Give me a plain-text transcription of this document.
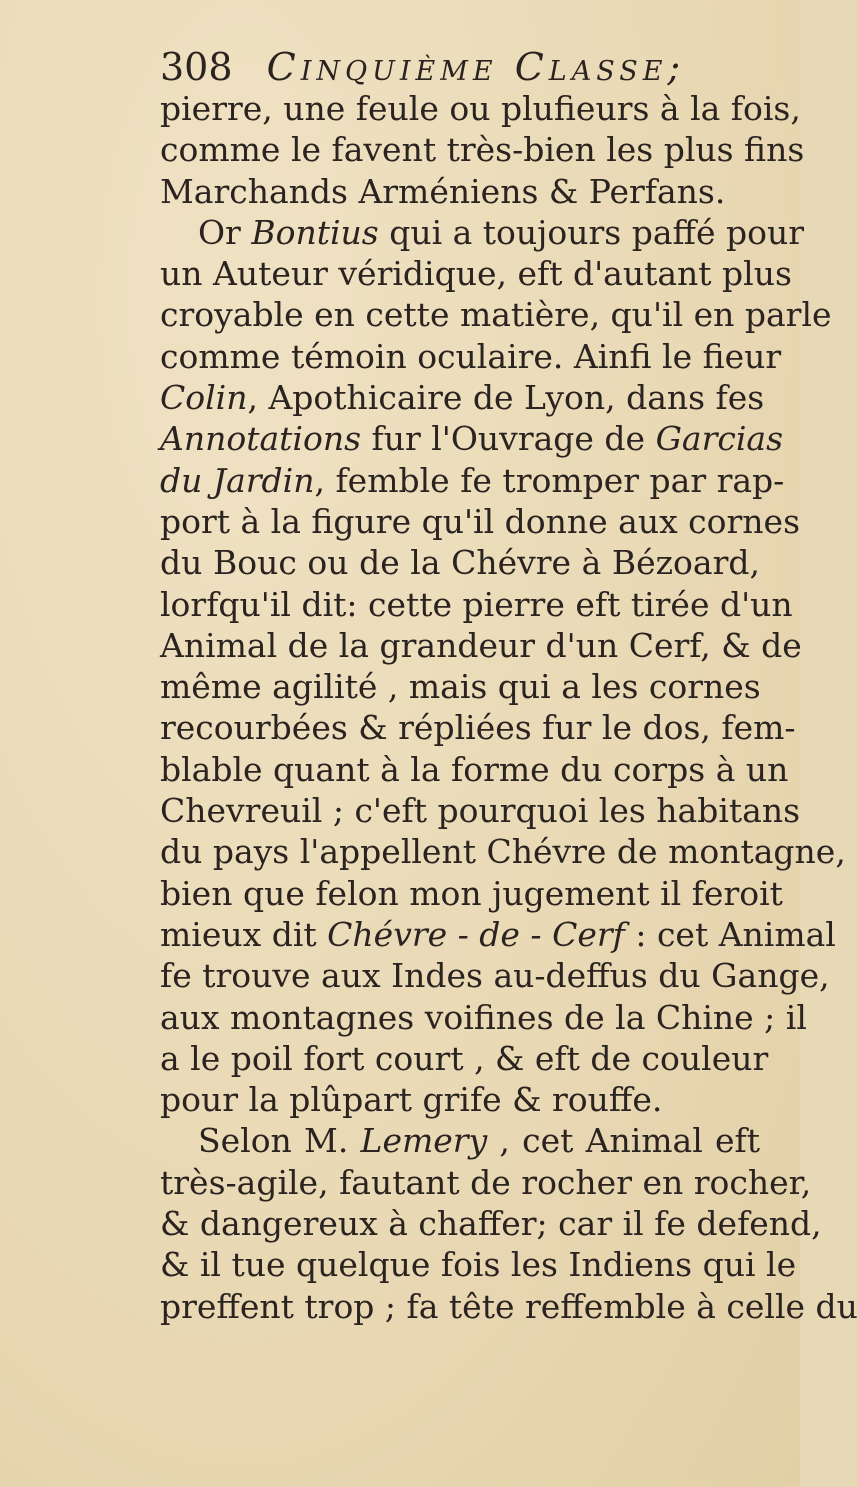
308 Cinquième Classe;
pierre, une feule ou plufieurs à la fois,
comme le favent très-bien les plus fins
Marchands Arméniens & Perfans.
Or Bontius qui a toujours paffé pour
un Auteur véridique, eft d'autant plus
croyable en cette matière, qu'il en parle
comme témoin oculaire. Ainfi le fieur
Colin, Apothicaire de Lyon, dans fes
Annotations fur l'Ouvrage de Garcias
du Jardin, femble fe tromper par rap-
port à la figure qu'il donne aux cornes
du Bouc ou de la Chévre à Bézoard,
lorfqu'il dit: cette pierre eft tirée d'un
Animal de la grandeur d'un Cerf, & de
même agilité , mais qui a les cornes
recourbées & répliées fur le dos, fem-
blable quant à la forme du corps à un
Chevreuil ; c'eft pourquoi les habitans
du pays l'appellent Chévre de montagne,
bien que felon mon jugement il feroit
mieux dit Chévre - de - Cerf : cet Animal
fe trouve aux Indes au-deffus du Gange,
aux montagnes voifines de la Chine ; il
a le poil fort court , & eft de couleur
pour la plûpart grife & rouffe.
Selon M. Lemery , cet Animal eft
très-agile, fautant de rocher en rocher,
& dangereux à chaffer; car il fe defend,
& il tue quelque fois les Indiens qui le
preffent trop ; fa tête reffemble à celle du
